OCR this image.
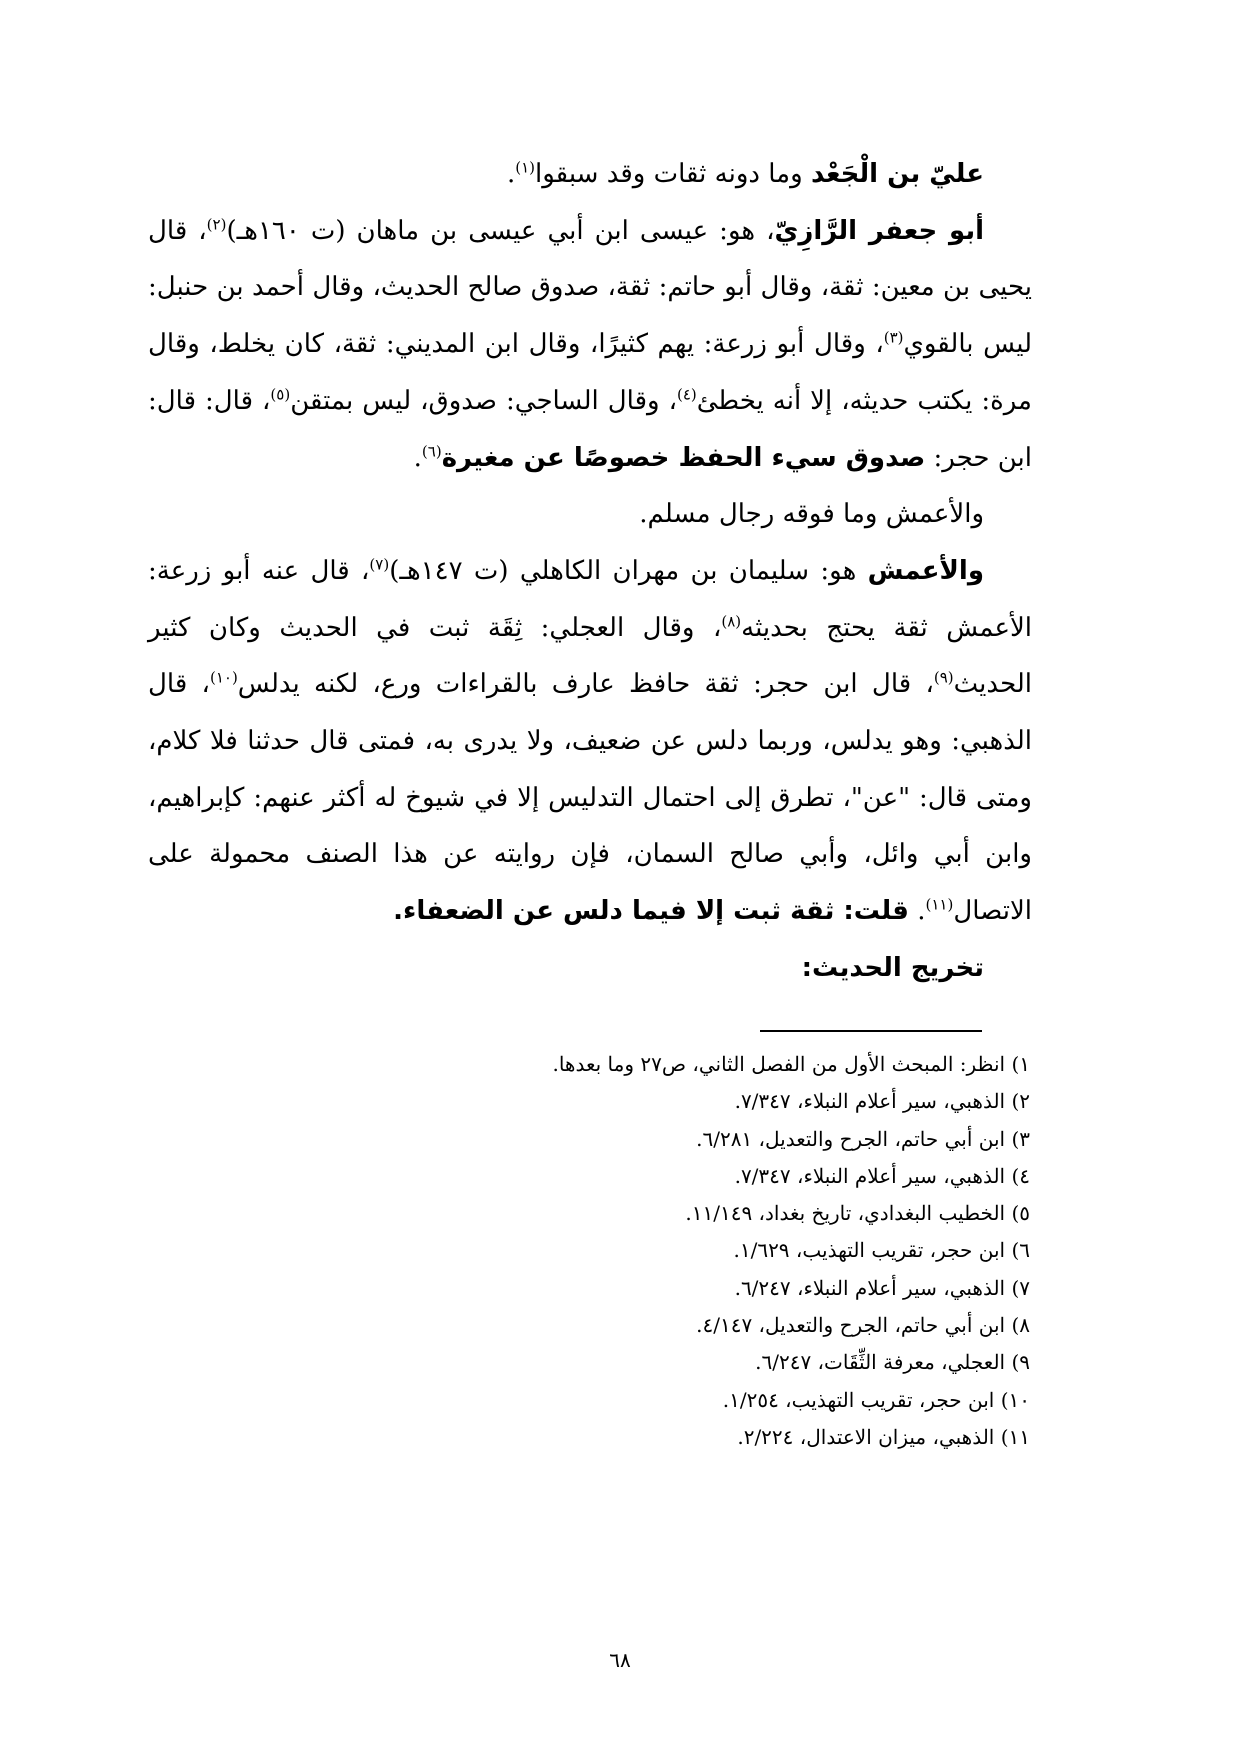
عليّ بن الْجَعْد وما دونه ثقات وقد سبقوا$^{(١)}$.

أبو جعفر الرَّازِيّ، هو: عيسى ابن أبي عيسى بن ماهان (ت ١٦٠هـ)$^{(٢)}$، قال يحيى بن معين: ثقة، وقال أبو حاتم: ثقة، صدوق صالح الحديث، وقال أحمد بن حنبل: ليس بالقوي$^{(٣)}$، وقال أبو زرعة: يهم كثيرًا، وقال ابن المديني: ثقة، كان يخلط، وقال مرة: يكتب حديثه، إلا أنه يخطئ$^{(٤)}$، وقال الساجي: صدوق، ليس بمتقن$^{(٥)}$، قال: قال: ابن حجر: صدوق سيء الحفظ خصوصًا عن مغيرة$^{(٦)}$.

والأعمش وما فوقه رجال مسلم.

والأعمش هو: سليمان بن مهران الكاهلي (ت ١٤٧هـ)$^{(٧)}$، قال عنه أبو زرعة: الأعمش ثقة يحتج بحديثه$^{(٨)}$، وقال العجلي: ثِقَة ثبت في الحديث وكان كثير الحديث$^{(٩)}$، قال ابن حجر: ثقة حافظ عارف بالقراءات ورع، لكنه يدلس$^{(١٠)}$، قال الذهبي: وهو يدلس، وربما دلس عن ضعيف، ولا يدرى به، فمتى قال حدثنا فلا كلام، ومتى قال: "عن"، تطرق إلى احتمال التدليس إلا في شيوخ له أكثر عنهم: كإبراهيم، وابن أبي وائل، وأبي صالح السمان، فإن روايته عن هذا الصنف محمولة على الاتصال$^{(١١)}$. قلت: ثقة ثبت إلا فيما دلس عن الضعفاء.

تخريج الحديث:

١) انظر: المبحث الأول من الفصل الثاني، ص٢٧ وما بعدها.
٢) الذهبي، سير أعلام النبلاء، ٧/٣٤٧.
٣) ابن أبي حاتم، الجرح والتعديل، ٦/٢٨١.
٤) الذهبي، سير أعلام النبلاء، ٧/٣٤٧.
٥) الخطيب البغدادي، تاريخ بغداد، ١١/١٤٩.
٦) ابن حجر، تقريب التهذيب، ١/٦٢٩.
٧) الذهبي، سير أعلام النبلاء، ٦/٢٤٧.
٨) ابن أبي حاتم، الجرح والتعديل، ٤/١٤٧.
٩) العجلي، معرفة الثِّقَات، ٦/٢٤٧.
١٠) ابن حجر، تقريب التهذيب، ١/٢٥٤.
١١) الذهبي، ميزان الاعتدال، ٢/٢٢٤.
٦٨
